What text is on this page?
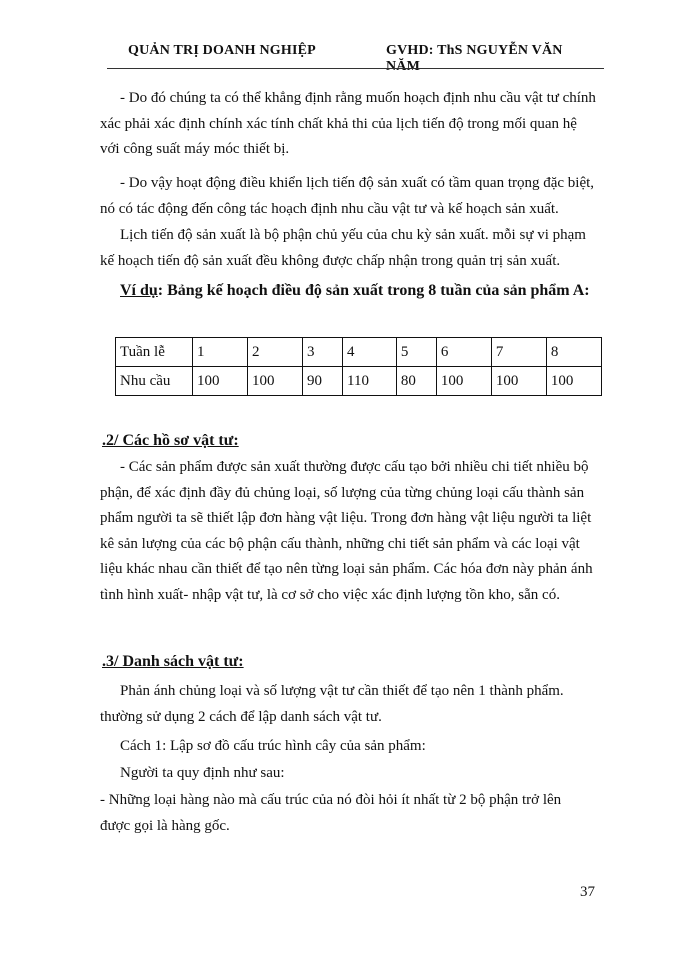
QUẢN TRỊ DOANH NGHIỆP	GVHD: ThS NGUYỄN VĂN NĂM
- Do đó chúng ta có thể khẳng định rằng muốn hoạch định nhu cầu vật tư chính
xác phải xác định chính xác tính chất khả thi của lịch tiến độ trong mối quan hệ
với công suất máy móc thiết bị.
- Do vậy hoạt động điều khiển lịch tiến độ sản xuất có tầm quan trọng đặc biệt,
nó có tác động đến công tác hoạch định nhu cầu vật tư và kế hoạch sản xuất.
Lịch tiến độ sản xuất là bộ phận chủ yếu của chu kỳ sản xuất. mỗi sự vi phạm
kế hoạch tiến độ sản xuất đều không được chấp nhận trong quản trị sản xuất.
Ví dụ: Bảng kế hoạch điều độ sản xuất trong 8 tuần của sản phẩm A:
Tuần lễ	1	2	3	4	5	6	7	8
Nhu cầu	100	100	90	110	80	100	100	100
.2/ Các hồ sơ vật tư:
- Các sản phẩm được sản xuất thường được cấu tạo bởi nhiều chi tiết nhiều bộ
phận, để xác định đầy đủ chủng loại, số lượng của từng chủng loại cấu thành sản
phẩm người ta sẽ thiết lập đơn hàng vật liệu. Trong đơn hàng vật liệu người ta liệt
kê sản lượng của các bộ phận cấu thành, những chi tiết sản phẩm và các loại vật
liệu khác nhau cần thiết để tạo nên từng loại sản phẩm. Các hóa đơn này phản ánh
tình hình xuất- nhập vật tư, là cơ sở cho việc xác định lượng tồn kho, sẵn có.
.3/ Danh sách vật tư:
Phản ánh chủng loại và số lượng vật tư cần thiết để tạo nên 1 thành phẩm.
thường sử dụng 2 cách để lập danh sách vật tư.
Cách 1: Lập sơ đồ cấu trúc hình cây của sản phẩm:
Người ta quy định như sau:
- Những loại hàng nào mà cấu trúc của nó đòi hỏi ít nhất từ 2 bộ phận trở lên
được gọi là hàng gốc.
37
